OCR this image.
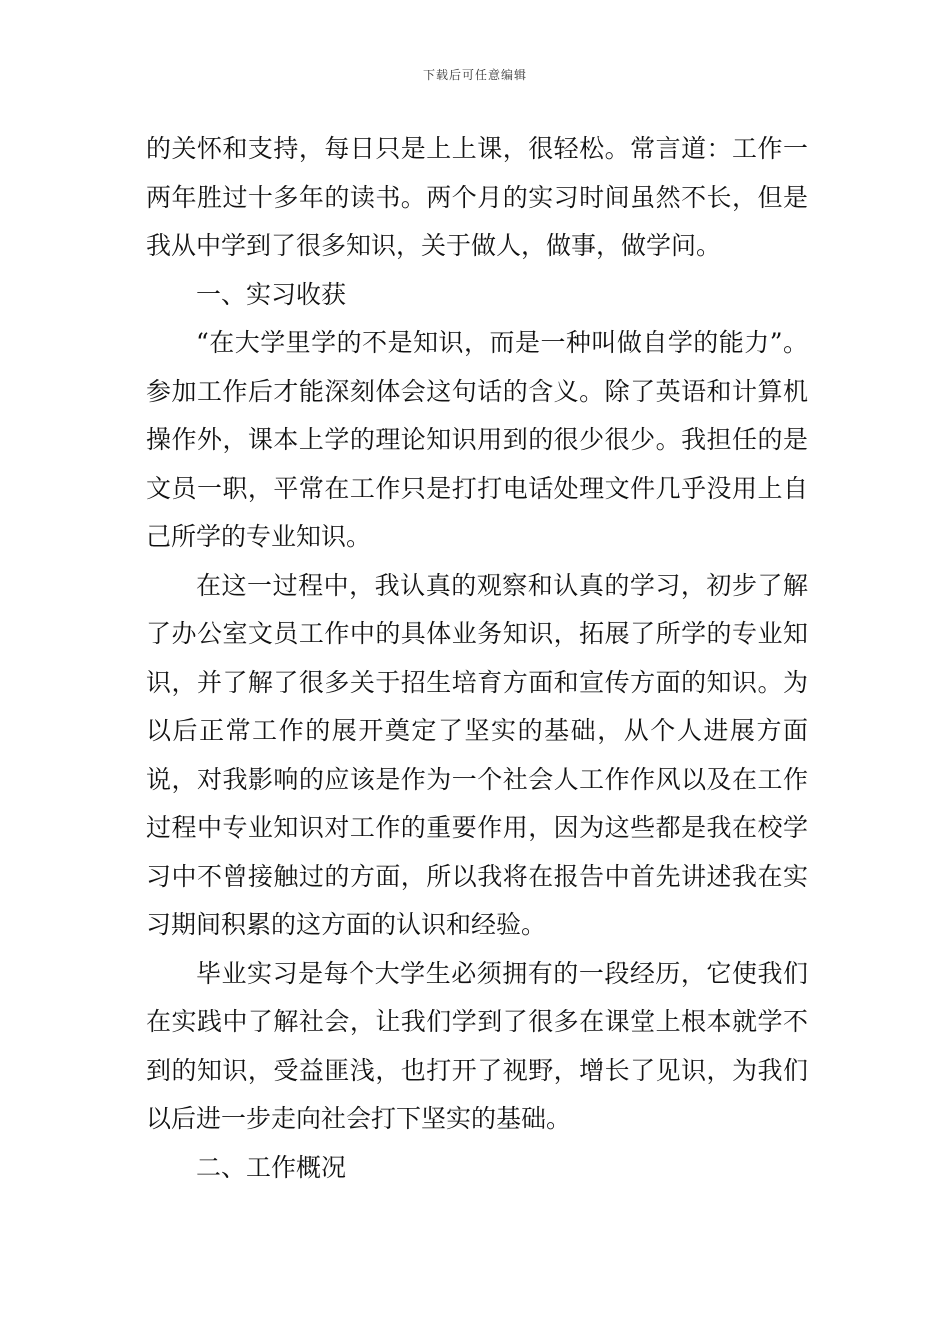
下载后可任意编辑

的关怀和支持，每日只是上上课，很轻松。常言道：工作一两年胜过十多年的读书。两个月的实习时间虽然不长，但是我从中学到了很多知识，关于做人，做事，做学问。

一、实习收获

“在大学里学的不是知识，而是一种叫做自学的能力”。参加工作后才能深刻体会这句话的含义。除了英语和计算机操作外，课本上学的理论知识用到的很少很少。我担任的是文员一职，平常在工作只是打打电话处理文件几乎没用上自己所学的专业知识。

在这一过程中，我认真的观察和认真的学习，初步了解了办公室文员工作中的具体业务知识，拓展了所学的专业知识，并了解了很多关于招生培育方面和宣传方面的知识。为以后正常工作的展开奠定了坚实的基础，从个人进展方面说，对我影响的应该是作为一个社会人工作作风以及在工作过程中专业知识对工作的重要作用，因为这些都是我在校学习中不曾接触过的方面，所以我将在报告中首先讲述我在实习期间积累的这方面的认识和经验。

毕业实习是每个大学生必须拥有的一段经历，它使我们在实践中了解社会，让我们学到了很多在课堂上根本就学不到的知识，受益匪浅，也打开了视野，增长了见识，为我们以后进一步走向社会打下坚实的基础。

二、工作概况
